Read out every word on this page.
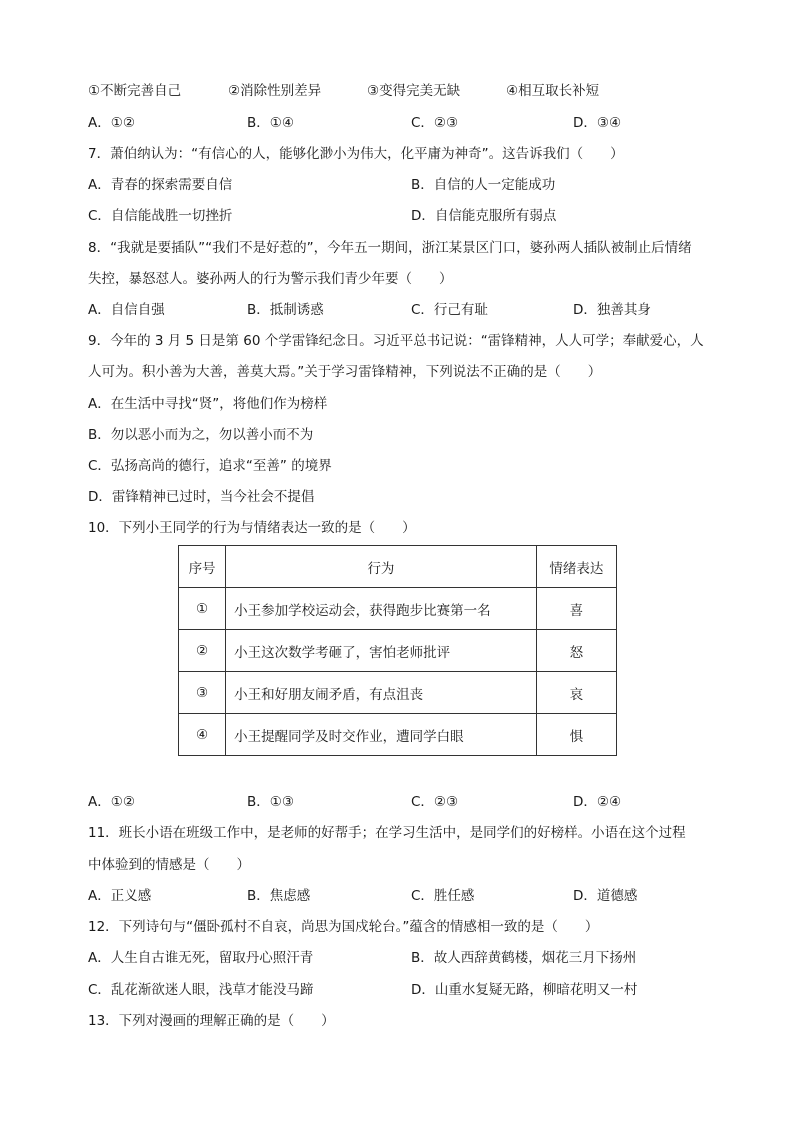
①不断完善自己	②消除性别差异	③变得完美无缺	④相互取长补短
A．①②	B．①④	C．②③	D．③④
7．萧伯纳认为：“有信心的人，能够化渺小为伟大，化平庸为神奇”。这告诉我们（　　）
A．青春的探索需要自信	B．自信的人一定能成功
C．自信能战胜一切挫折	D．自信能克服所有弱点
8．“我就是要插队”“我们不是好惹的”，今年五一期间，浙江某景区门口，婆孙两人插队被制止后情绪
失控，暴怒怼人。婆孙两人的行为警示我们青少年要（　　）
A．自信自强	B．抵制诱惑	C．行己有耻	D．独善其身
9．今年的 3 月 5 日是第 60 个学雷锋纪念日。习近平总书记说：“雷锋精神，人人可学；奉献爱心，人
人可为。积小善为大善，善莫大焉。”关于学习雷锋精神，下列说法不正确的是（　　）
A．在生活中寻找“贤”，将他们作为榜样
B．勿以恶小而为之，勿以善小而不为
C．弘扬高尚的德行，追求“至善” 的境界
D．雷锋精神已过时，当今社会不提倡
10．下列小王同学的行为与情绪表达一致的是（　　）
序号	行为	情绪表达
①	小王参加学校运动会，获得跑步比赛第一名	喜
②	小王这次数学考砸了，害怕老师批评	怒
③	小王和好朋友闹矛盾，有点沮丧	哀
④	小王提醒同学及时交作业，遭同学白眼	惧
A．①②	B．①③	C．②③	D．②④
11．班长小语在班级工作中，是老师的好帮手；在学习生活中，是同学们的好榜样。小语在这个过程
中体验到的情感是（　　）
A．正义感	B．焦虑感	C．胜任感	D．道德感
12．下列诗句与“僵卧孤村不自哀，尚思为国戍轮台。”蕴含的情感相一致的是（　　）
A．人生自古谁无死，留取丹心照汗青	B．故人西辞黄鹤楼，烟花三月下扬州
C．乱花渐欲迷人眼，浅草才能没马蹄	D．山重水复疑无路，柳暗花明又一村
13．下列对漫画的理解正确的是（　　）
